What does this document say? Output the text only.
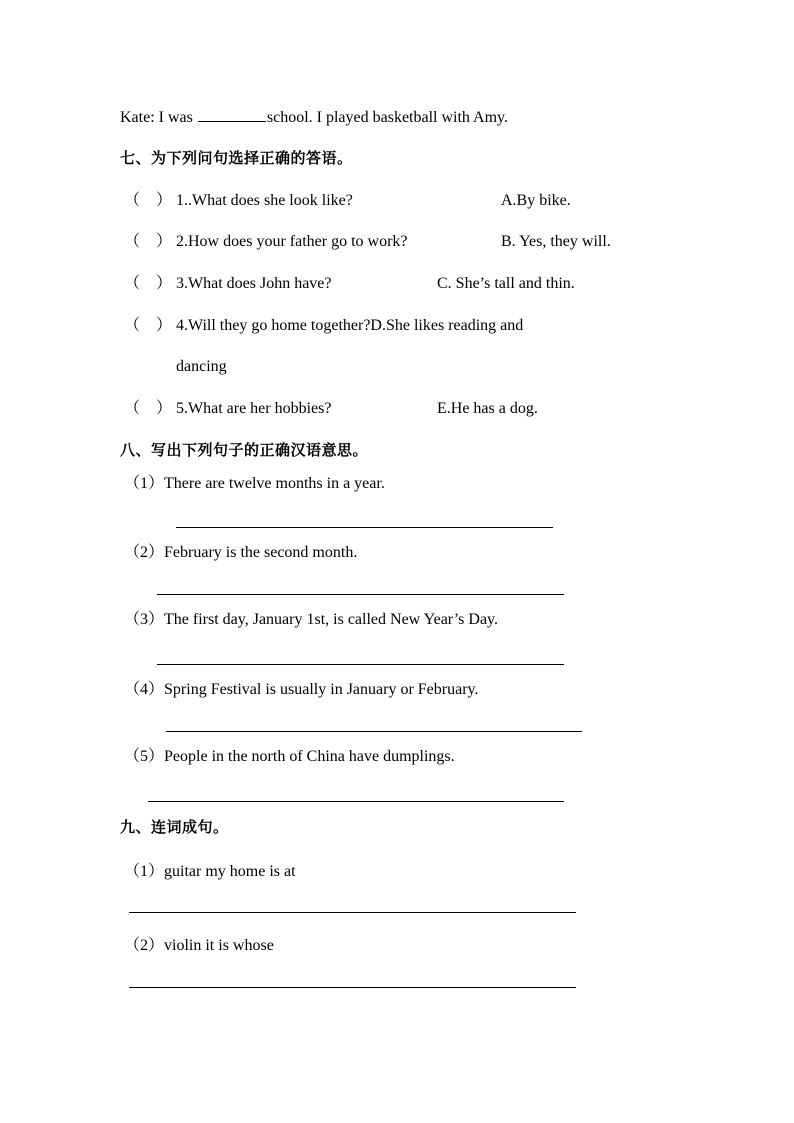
Kate: I was	school. I played basketball with Amy.
七、为下列问句选择正确的答语。
（　） 1..What does she look like?	A.By bike.
（　） 2.How does your father go to work?	B. Yes, they will.
（　） 3.What does John have?	C. She’s tall and thin.
（　） 4.Will they go home together?D.She likes reading and
dancing
（　） 5.What are her hobbies?	E.He has a dog.
八、写出下列句子的正确汉语意思。
（1）There are twelve months in a year.
（2）February is the second month.
（3）The first day, January 1st, is called New Year’s Day.
（4）Spring Festival is usually in January or February.
（5）People in the north of China have dumplings.
九、连词成句。
（1）guitar my home is at
（2）violin it is whose
